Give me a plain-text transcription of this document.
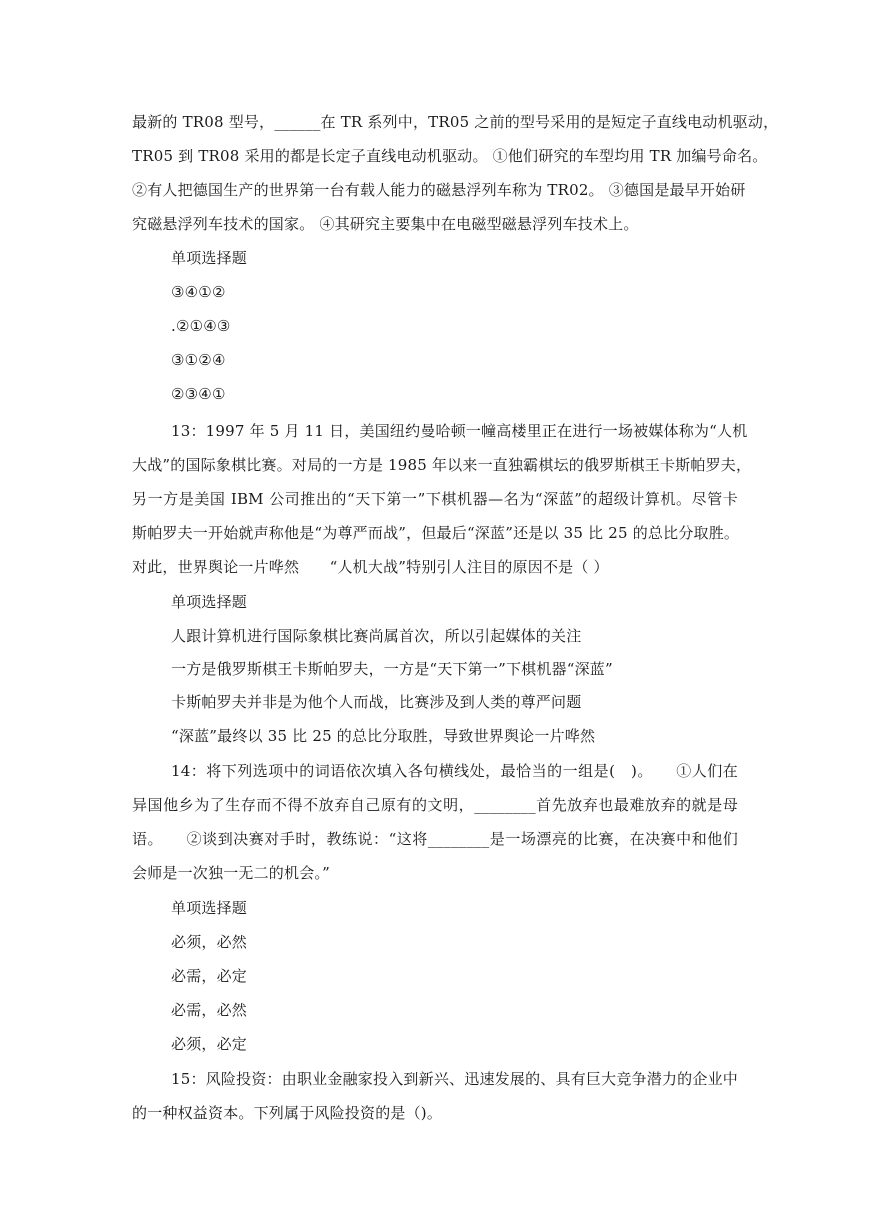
最新的 TR08 型号，______在 TR 系列中，TR05 之前的型号采用的是短定子直线电动机驱动，
TR05 到 TR08 采用的都是长定子直线电动机驱动。 ①他们研究的车型均用 TR 加编号命名。
②有人把德国生产的世界第一台有载人能力的磁悬浮列车称为 TR02。 ③德国是最早开始研
究磁悬浮列车技术的国家。 ④其研究主要集中在电磁型磁悬浮列车技术上。
单项选择题
③④①②
.②①④③
③①②④
②③④①
13：1997 年 5 月 11 日，美国纽约曼哈顿一幢高楼里正在进行一场被媒体称为“人机
大战”的国际象棋比赛。对局的一方是 1985 年以来一直独霸棋坛的俄罗斯棋王卡斯帕罗夫，
另一方是美国 IBM 公司推出的“天下第一”下棋机器—名为“深蓝”的超级计算机。尽管卡
斯帕罗夫一开始就声称他是“为尊严而战”，但最后“深蓝”还是以 35 比 25 的总比分取胜。
对此，世界舆论一片哗然　　“人机大战”特别引人注目的原因不是（ ）
单项选择题
人跟计算机进行国际象棋比赛尚属首次，所以引起媒体的关注
一方是俄罗斯棋王卡斯帕罗夫，一方是“天下第一”下棋机器“深蓝”
卡斯帕罗夫并非是为他个人而战，比赛涉及到人类的尊严问题
“深蓝”最终以 35 比 25 的总比分取胜，导致世界舆论一片哗然
14：将下列选项中的词语依次填入各句横线处，最恰当的一组是(　)。　　①人们在
异国他乡为了生存而不得不放弃自己原有的文明，________首先放弃也最难放弃的就是母
语。　　②谈到决赛对手时，教练说：“这将________是一场漂亮的比赛，在决赛中和他们
会师是一次独一无二的机会。”
单项选择题
必须，必然
必需，必定
必需，必然
必须，必定
15：风险投资：由职业金融家投入到新兴、迅速发展的、具有巨大竞争潜力的企业中
的一种权益资本。下列属于风险投资的是（)。
